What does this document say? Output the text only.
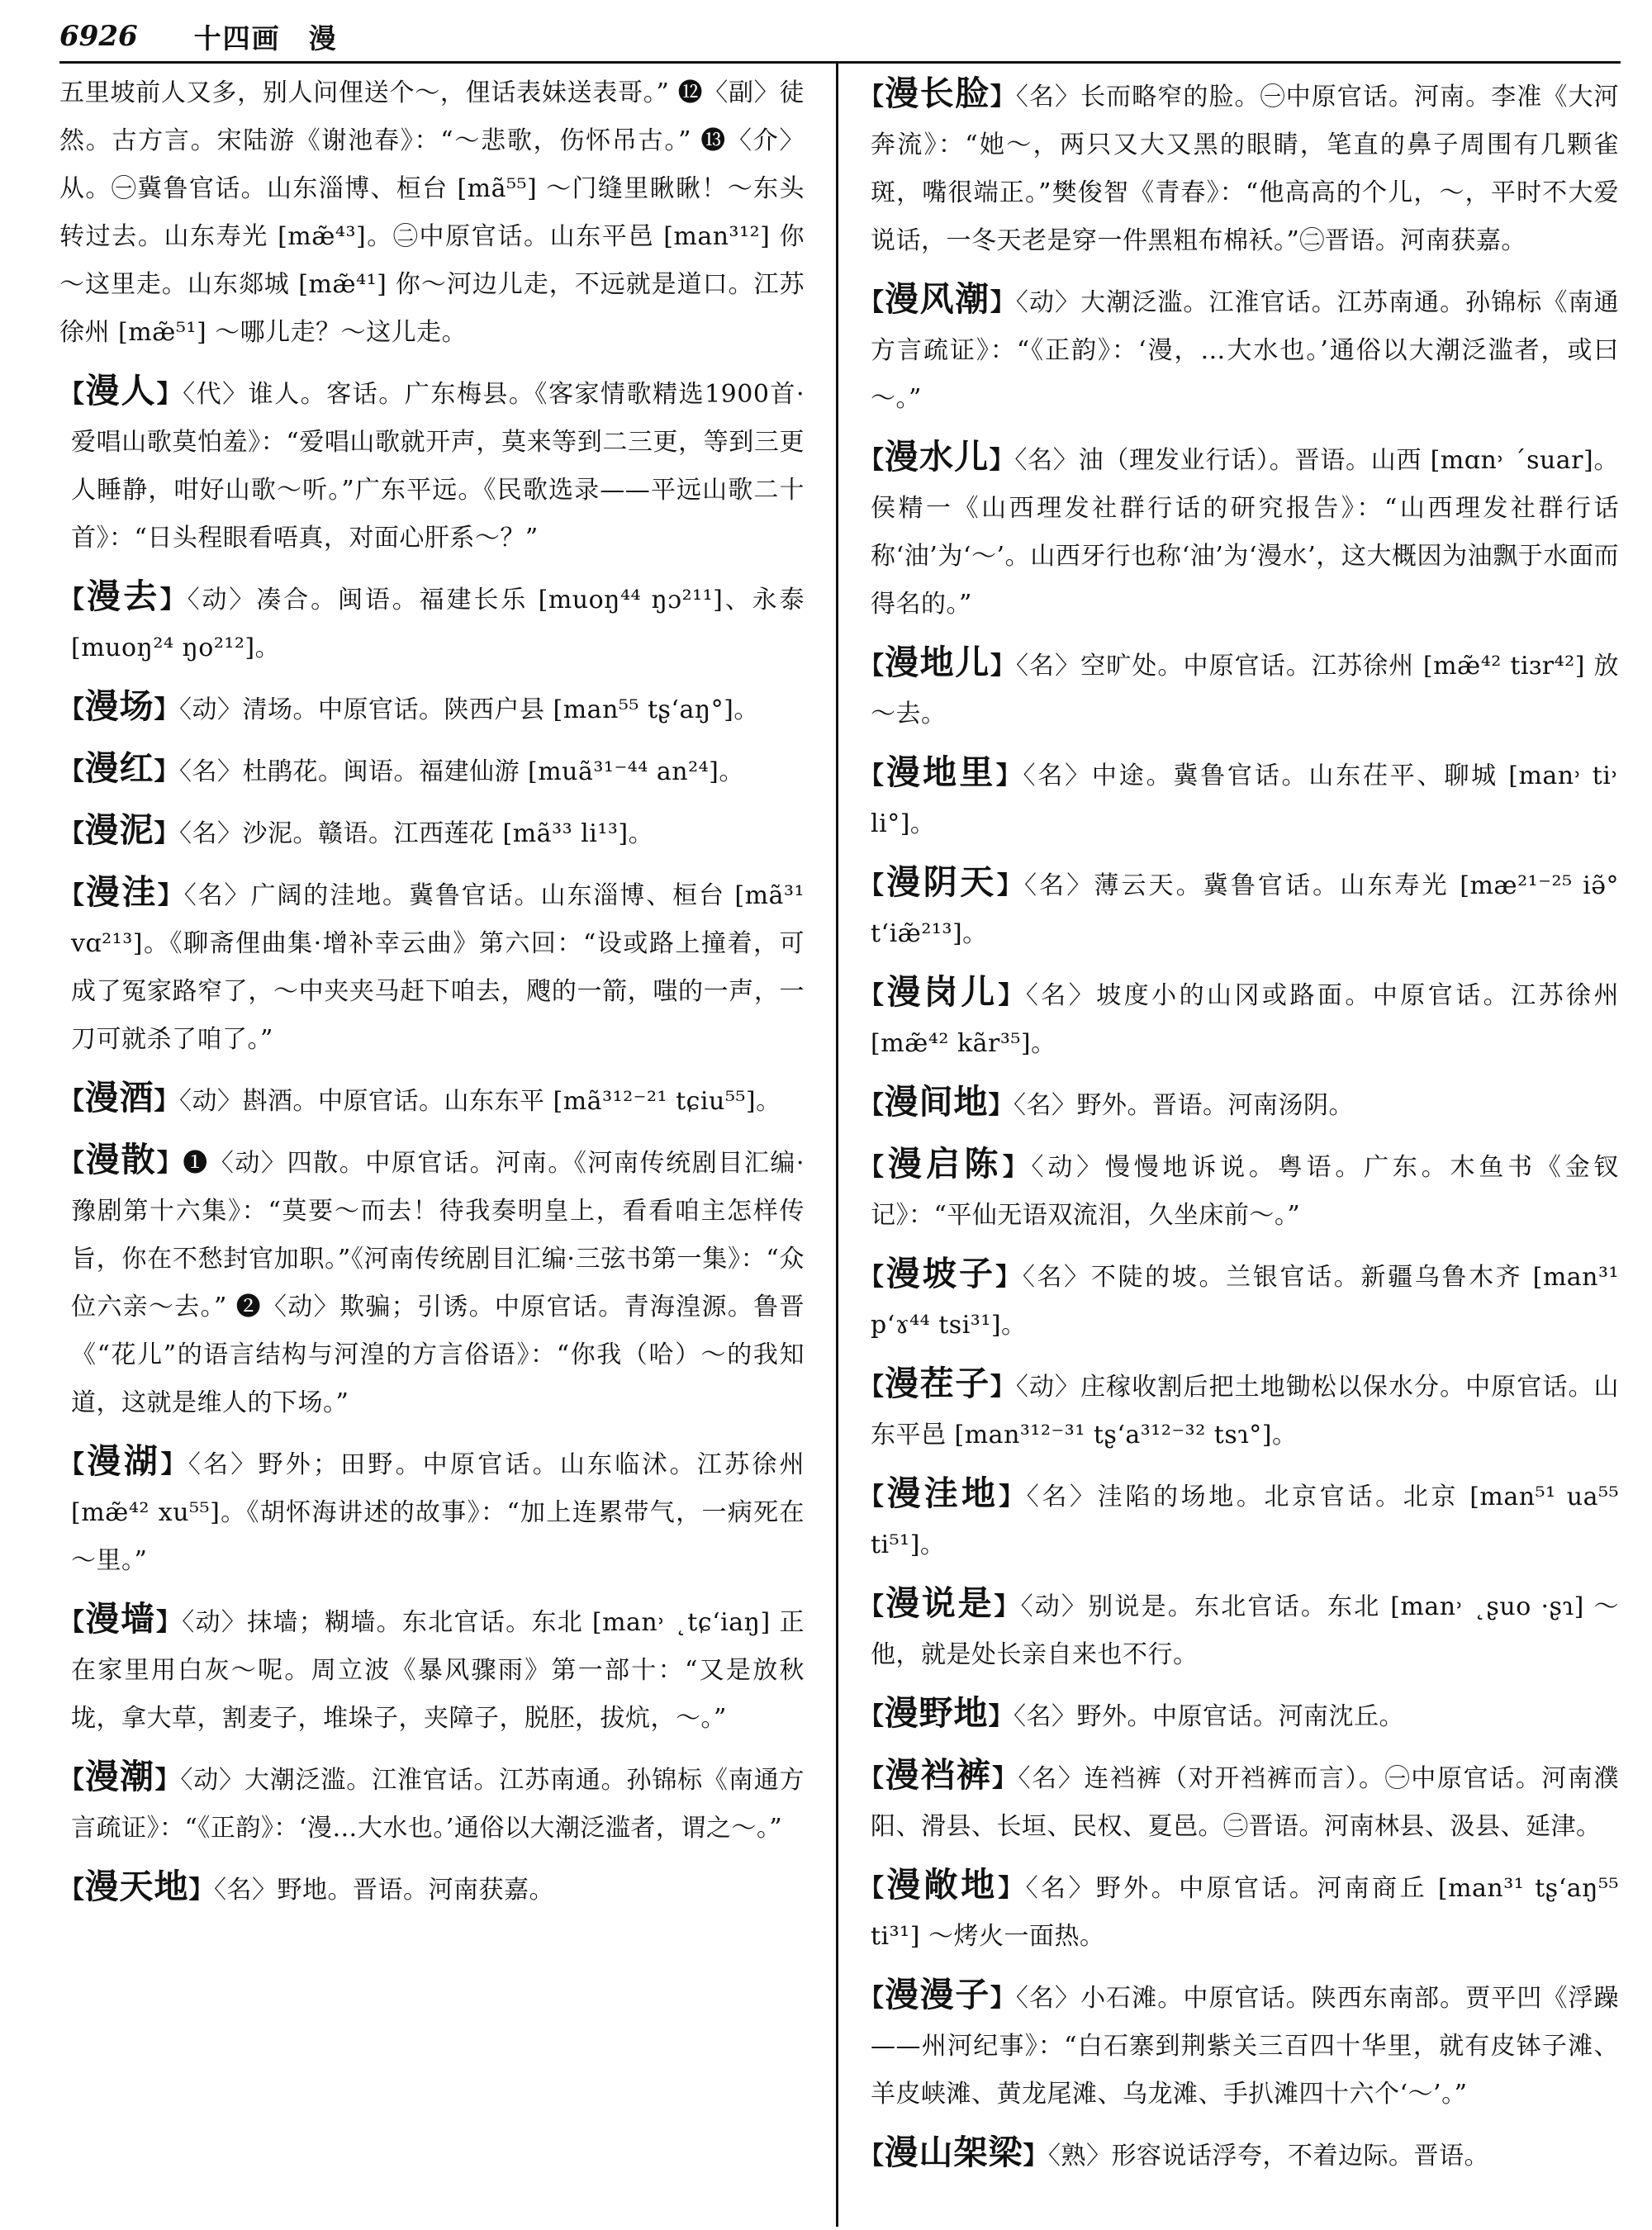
6926 十四画 漫

五里坡前人又多，别人问俚送个～，俚话表妹送表哥。” ⓬〈副〉徒然。古方言。宋陆游《谢池春》：“～悲歌，伤怀吊古。” ⓭〈介〉从。㊀冀鲁官话。山东淄博、桓台 [mã⁵⁵] ～门缝里瞅瞅！～东头转过去。山东寿光 [mæ̃⁴³]。㊁中原官话。山东平邑 [man³¹²] 你～这里走。山东郯城 [mæ̃⁴¹] 你～河边儿走，不远就是道口。江苏徐州 [mæ̃⁵¹] ～哪儿走？～这儿走。

【漫人】〈代〉谁人。客话。广东梅县。《客家情歌精选1900首·爱唱山歌莫怕羞》：“爱唱山歌就开声，莫来等到二三更，等到三更人睡静，咁好山歌～听。”广东平远。《民歌选录——平远山歌二十首》：“日头程眼看唔真，对面心肝系～？”

【漫去】〈动〉凑合。闽语。福建长乐 [muoŋ⁴⁴ ŋɔ²¹¹]、永泰 [muoŋ²⁴ ŋo²¹²]。

【漫场】〈动〉清场。中原官话。陕西户县 [man⁵⁵ tʂʻaŋ°]。

【漫红】〈名〉杜鹃花。闽语。福建仙游 [muã³¹⁻⁴⁴ an²⁴]。

【漫泥】〈名〉沙泥。赣语。江西莲花 [mã³³ li¹³]。

【漫洼】〈名〉广阔的洼地。冀鲁官话。山东淄博、桓台 [mã³¹ vɑ²¹³]。《聊斋俚曲集·增补幸云曲》第六回：“设或路上撞着，可成了冤家路窄了，～中夹夹马赶下咱去，飕的一箭，嗤的一声，一刀可就杀了咱了。”

【漫酒】〈动〉斟酒。中原官话。山东东平 [mã³¹²⁻²¹ tɕiu⁵⁵]。

【漫散】❶〈动〉四散。中原官话。河南。《河南传统剧目汇编·豫剧第十六集》：“莫要～而去！待我奏明皇上，看看咱主怎样传旨，你在不愁封官加职。”《河南传统剧目汇编·三弦书第一集》：“众位六亲～去。” ❷〈动〉欺骗；引诱。中原官话。青海湟源。鲁晋《“花儿”的语言结构与河湟的方言俗语》：“你我（哈）～的我知道，这就是维人的下场。”

【漫湖】〈名〉野外；田野。中原官话。山东临沭。江苏徐州 [mæ̃⁴² xu⁵⁵]。《胡怀海讲述的故事》：“加上连累带气，一病死在～里。”

【漫墙】〈动〉抹墙；糊墙。东北官话。东北 [man˒ ˛tɕʻiaŋ] 正在家里用白灰～呢。周立波《暴风骤雨》第一部十：“又是放秋垅，拿大草，割麦子，堆垛子，夹障子，脱胚，拔炕，～。”

【漫潮】〈动〉大潮泛滥。江淮官话。江苏南通。孙锦标《南通方言疏证》：“《正韵》：‘漫…大水也。’通俗以大潮泛滥者，谓之～。”

【漫天地】〈名〉野地。晋语。河南获嘉。

【漫长脸】〈名〉长而略窄的脸。㊀中原官话。河南。李准《大河奔流》：“她～，两只又大又黑的眼睛，笔直的鼻子周围有几颗雀斑，嘴很端正。”樊俊智《青春》：“他高高的个儿，～，平时不大爱说话，一冬天老是穿一件黑粗布棉袄。”㊁晋语。河南获嘉。

【漫风潮】〈动〉大潮泛滥。江淮官话。江苏南通。孙锦标《南通方言疏证》：“《正韵》：‘漫，…大水也。’通俗以大潮泛滥者，或曰～。”

【漫水儿】〈名〉油（理发业行话）。晋语。山西 [mɑn˒ ˊsuar]。侯精一《山西理发社群行话的研究报告》：“山西理发社群行话称‘油’为‘～’。山西牙行也称‘油’为‘漫水’，这大概因为油飘于水面而得名的。”

【漫地儿】〈名〉空旷处。中原官话。江苏徐州 [mæ̃⁴² tiɜr⁴²] 放～去。

【漫地里】〈名〉中途。冀鲁官话。山东茌平、聊城 [man˒ ti˒ li°]。

【漫阴天】〈名〉薄云天。冀鲁官话。山东寿光 [mæ²¹⁻²⁵ iə̃° tʻiæ̃²¹³]。

【漫岗儿】〈名〉坡度小的山冈或路面。中原官话。江苏徐州 [mæ̃⁴² kãr³⁵]。

【漫间地】〈名〉野外。晋语。河南汤阴。

【漫启陈】〈动〉慢慢地诉说。粤语。广东。木鱼书《金钗记》：“平仙无语双流泪，久坐床前～。”

【漫坡子】〈名〉不陡的坡。兰银官话。新疆乌鲁木齐 [man³¹ pʻɤ⁴⁴ tsi³¹]。

【漫茬子】〈动〉庄稼收割后把土地锄松以保水分。中原官话。山东平邑 [man³¹²⁻³¹ tʂʻa³¹²⁻³² tsɿ°]。

【漫洼地】〈名〉洼陷的场地。北京官话。北京 [man⁵¹ ua⁵⁵ ti⁵¹]。

【漫说是】〈动〉别说是。东北官话。东北 [man˒ ˛ʂuo ·ʂɿ] ～他，就是处长亲自来也不行。

【漫野地】〈名〉野外。中原官话。河南沈丘。

【漫裆裤】〈名〉连裆裤（对开裆裤而言）。㊀中原官话。河南濮阳、滑县、长垣、民权、夏邑。㊁晋语。河南林县、汲县、延津。

【漫敞地】〈名〉野外。中原官话。河南商丘 [man³¹ tʂʻaŋ⁵⁵ ti³¹] ～烤火一面热。

【漫漫子】〈名〉小石滩。中原官话。陕西东南部。贾平凹《浮躁——州河纪事》：“白石寨到荆紫关三百四十华里，就有皮钵子滩、羊皮峡滩、黄龙尾滩、乌龙滩、手扒滩四十六个‘～’。”

【漫山架梁】〈熟〉形容说话浮夸，不着边际。晋语。
